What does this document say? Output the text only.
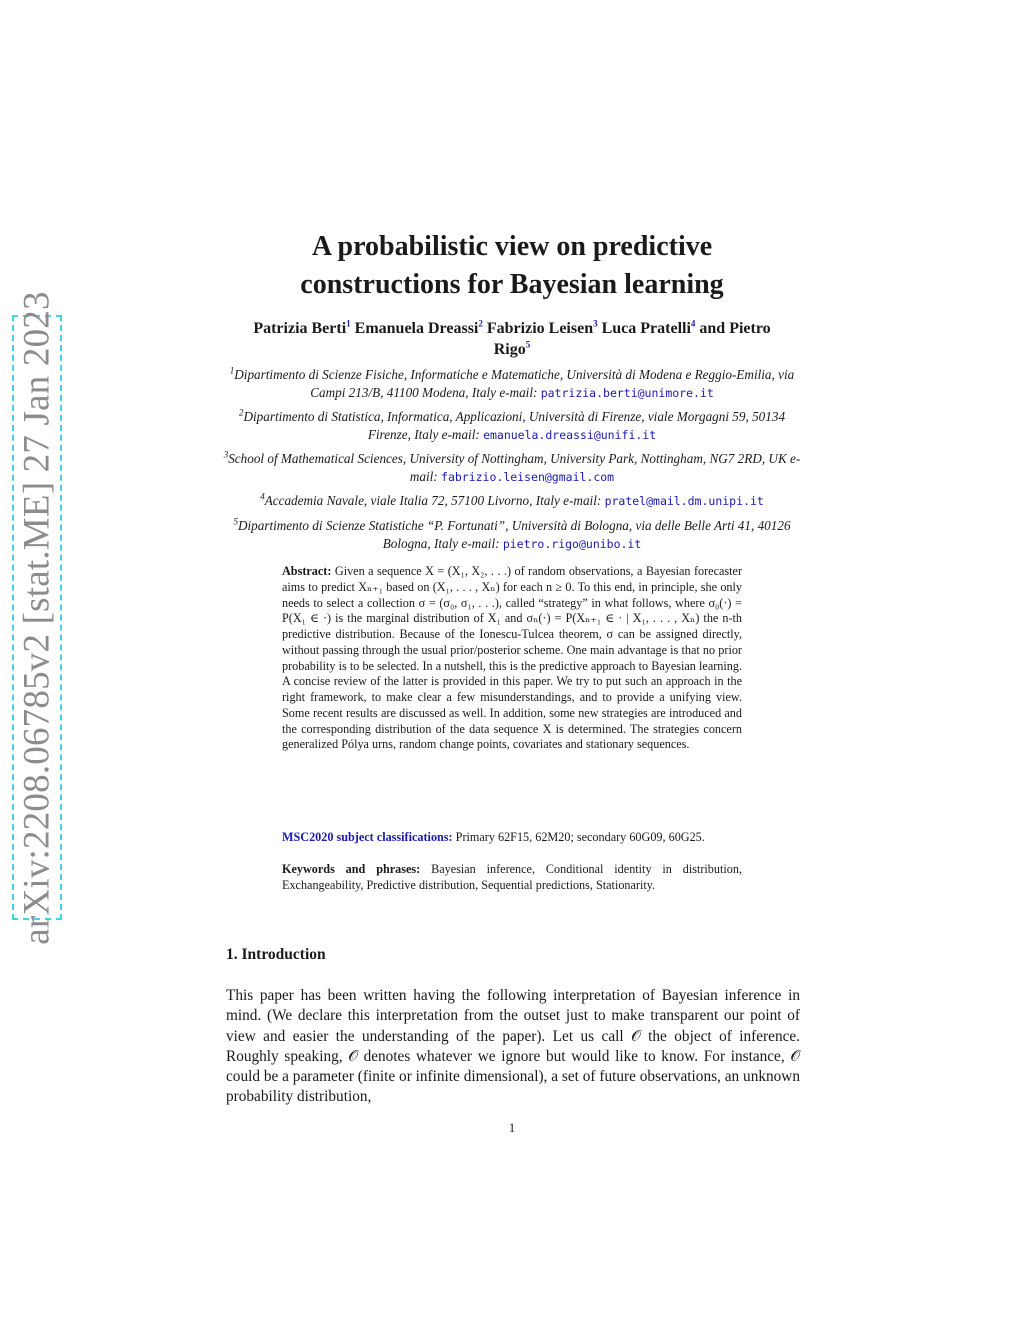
arXiv:2208.06785v2 [stat.ME] 27 Jan 2023
A probabilistic view on predictive
constructions for Bayesian learning
Patrizia Berti$^1$ Emanuela Dreassi$^2$ Fabrizio Leisen$^3$ Luca Pratelli$^4$ and Pietro Rigo$^5$
$^1$Dipartimento di Scienze Fisiche, Informatiche e Matematiche, Università di Modena e Reggio-Emilia, via Campi 213/B, 41100 Modena, Italy e-mail: patrizia.berti@unimore.it
$^2$Dipartimento di Statistica, Informatica, Applicazioni, Università di Firenze, viale Morgagni 59, 50134 Firenze, Italy e-mail: emanuela.dreassi@unifi.it
$^3$School of Mathematical Sciences, University of Nottingham, University Park, Nottingham, NG7 2RD, UK e-mail: fabrizio.leisen@gmail.com
$^4$Accademia Navale, viale Italia 72, 57100 Livorno, Italy e-mail: pratel@mail.dm.unipi.it
$^5$Dipartimento di Scienze Statistiche “P. Fortunati”, Università di Bologna, via delle Belle Arti 41, 40126 Bologna, Italy e-mail: pietro.rigo@unibo.it
Abstract: Given a sequence X = (X₁, X₂, . . .) of random observations, a Bayesian forecaster aims to predict Xₙ₊₁ based on (X₁, . . . , Xₙ) for each n ≥ 0. To this end, in principle, she only needs to select a collection σ = (σ₀, σ₁, . . .), called “strategy” in what follows, where σ₀(·) = P(X₁ ∈ ·) is the marginal distribution of X₁ and σₙ(·) = P(Xₙ₊₁ ∈ · | X₁, . . . , Xₙ) the n-th predictive distribution. Because of the Ionescu-Tulcea theorem, σ can be assigned directly, without passing through the usual prior/posterior scheme. One main advantage is that no prior probability is to be selected. In a nutshell, this is the predictive approach to Bayesian learning. A concise review of the latter is provided in this paper. We try to put such an approach in the right framework, to make clear a few misunderstandings, and to provide a unifying view. Some recent results are discussed as well. In addition, some new strategies are introduced and the corresponding distribution of the data sequence X is determined. The strategies concern generalized Pólya urns, random change points, covariates and stationary sequences.
MSC2020 subject classifications: Primary 62F15, 62M20; secondary 60G09, 60G25.
Keywords and phrases: Bayesian inference, Conditional identity in distribution, Exchangeability, Predictive distribution, Sequential predictions, Stationarity.
1. Introduction
This paper has been written having the following interpretation of Bayesian inference in mind. (We declare this interpretation from the outset just to make transparent our point of view and easier the understanding of the paper). Let us call 𝒪 the object of inference. Roughly speaking, 𝒪 denotes whatever we ignore but would like to know. For instance, 𝒪 could be a parameter (finite or infinite dimensional), a set of future observations, an unknown probability distribution,
1
